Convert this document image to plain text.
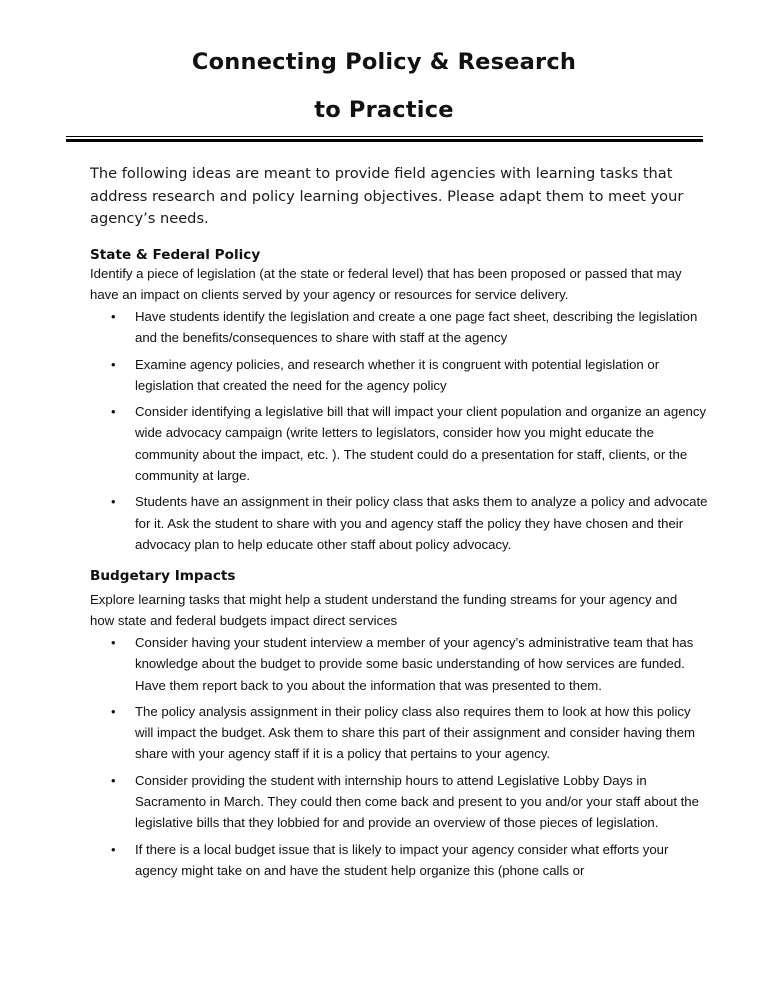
Connecting Policy & Research
to Practice

The following ideas are meant to provide field agencies with learning tasks that address research and policy learning objectives. Please adapt them to meet your agency’s needs.

State & Federal Policy

Identify a piece of legislation (at the state or federal level) that has been proposed or passed that may have an impact on clients served by your agency or resources for service delivery.

• Have students identify the legislation and create a one page fact sheet, describing the legislation and the benefits/consequences to share with staff at the agency
• Examine agency policies, and research whether it is congruent with potential legislation or legislation that created the need for the agency policy
• Consider identifying a legislative bill that will impact your client population and organize an agency wide advocacy campaign (write letters to legislators, consider how you might educate the community about the impact, etc. ). The student could do a presentation for staff, clients, or the community at large.
• Students have an assignment in their policy class that asks them to analyze a policy and advocate for it. Ask the student to share with you and agency staff the policy they have chosen and their advocacy plan to help educate other staff about policy advocacy.
Budgetary Impacts

Explore learning tasks that might help a student understand the funding streams for your agency and how state and federal budgets impact direct services

• Consider having your student interview a member of your agency’s administrative team that has knowledge about the budget to provide some basic understanding of how services are funded. Have them report back to you about the information that was presented to them.
• The policy analysis assignment in their policy class also requires them to look at how this policy will impact the budget. Ask them to share this part of their assignment and consider having them share with your agency staff if it is a policy that pertains to your agency.
• Consider providing the student with internship hours to attend Legislative Lobby Days in Sacramento in March. They could then come back and present to you and/or your staff about the legislative bills that they lobbied for and provide an overview of those pieces of legislation.
• If there is a local budget issue that is likely to impact your agency consider what efforts your agency might take on and have the student help organize this (phone calls or
